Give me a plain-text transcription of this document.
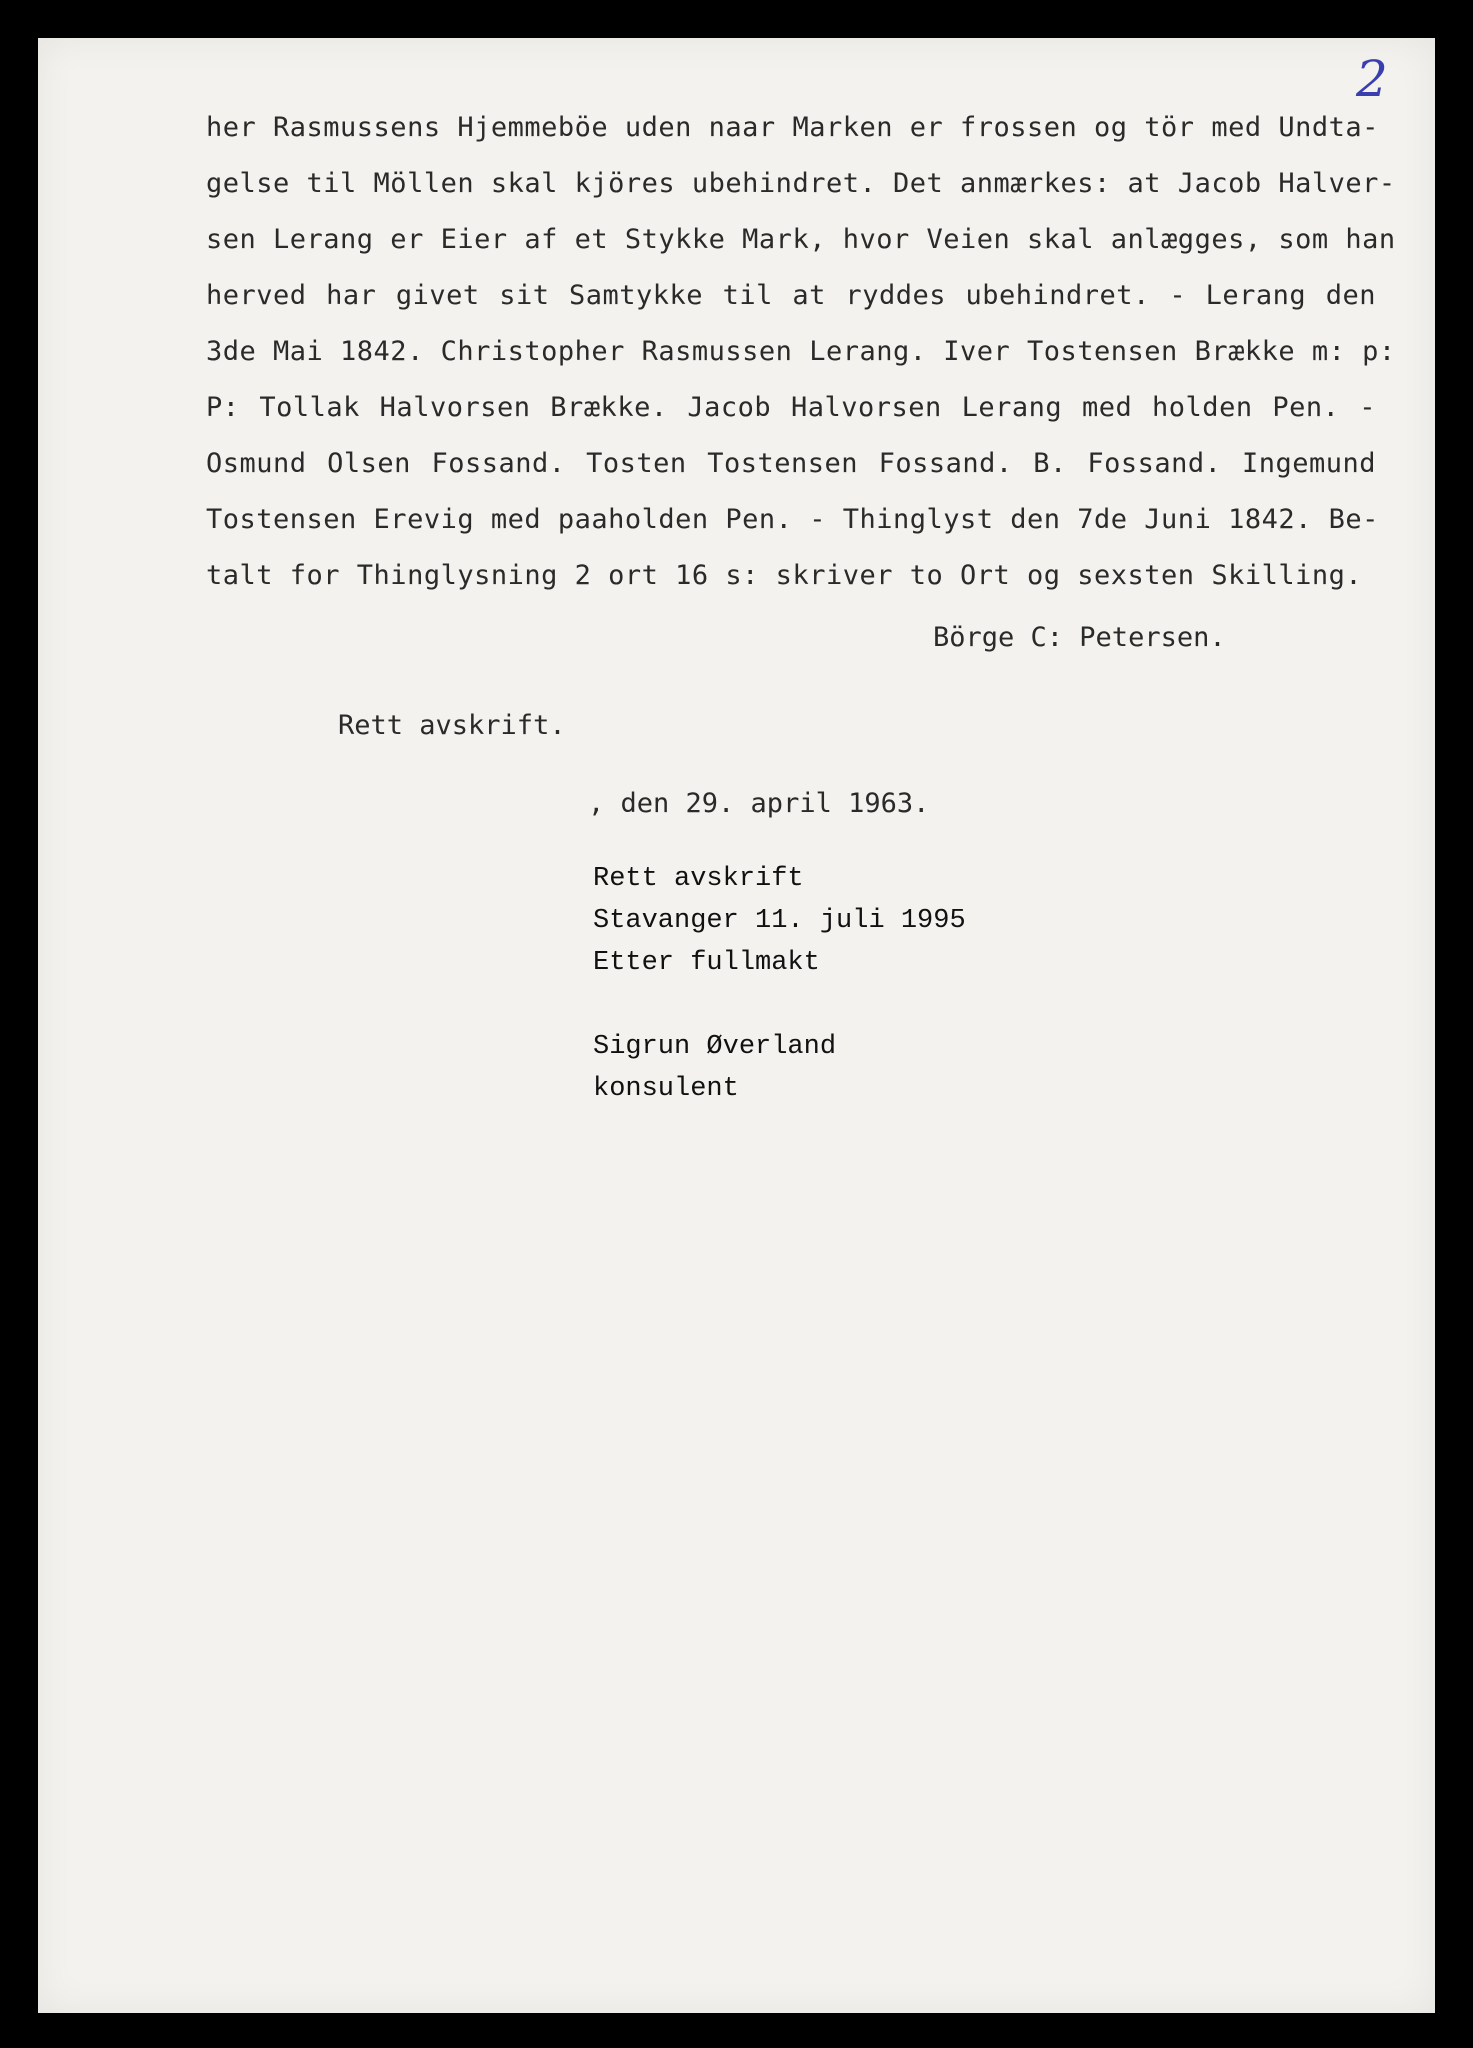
2
her Rasmussens Hjemmeböe uden naar Marken er frossen og tör med Undta-
gelse til Möllen skal kjöres ubehindret. Det anmærkes: at Jacob Halver-
sen Lerang er Eier af et Stykke Mark, hvor Veien skal anlægges, som han
herved har givet sit Samtykke til at ryddes ubehindret. - Lerang den
3de Mai 1842. Christopher Rasmussen Lerang. Iver Tostensen Brække m: p:
P: Tollak Halvorsen Brække. Jacob Halvorsen Lerang med holden Pen. -
Osmund Olsen Fossand. Tosten Tostensen Fossand. B. Fossand. Ingemund
Tostensen Erevig med paaholden Pen. - Thinglyst den 7de Juni 1842. Be-
talt for Thinglysning 2 ort 16 s: skriver to Ort og sexsten Skilling.
Börge C: Petersen.
Rett avskrift.
, den 29. april 1963.
Rett avskrift
Stavanger 11. juli 1995
Etter fullmakt
Sigrun Øverland
konsulent
